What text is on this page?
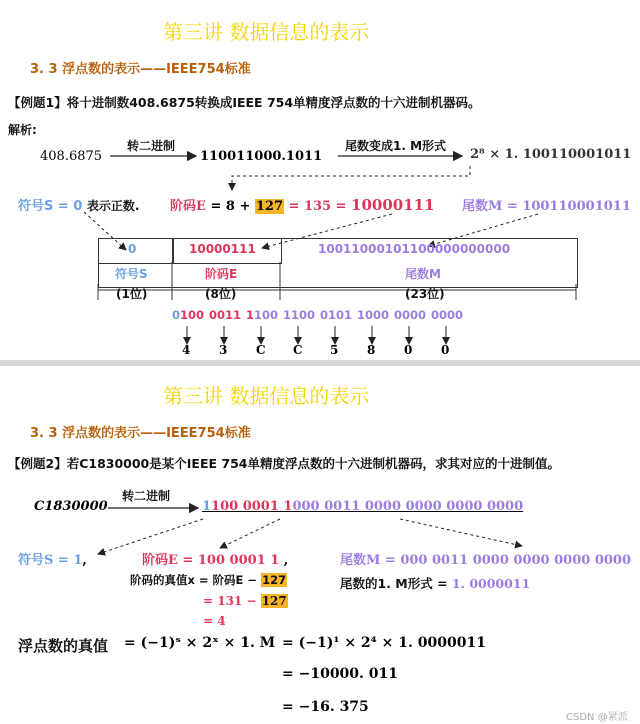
第三讲 数据信息的表示
3. 3 浮点数的表示——IEEE754标准
【例题1】将十进制数408.6875转换成IEEE 754单精度浮点数的十六进制机器码。
解析:
408.6875
转二进制
110011000.1011
尾数变成1. M形式
2⁸ × 1. 100110001011
符号S = 0 表示正数. 阶码E = 8 + 127 = 135 = 10000111 尾数M = 100110001011
0	10000111	10011000101100000000000
符号S	阶码E	尾数M
(1位)	(8位)	(23位)
0100 0011 1100 1100 0101 1000 0000 0000
4 3 C C 5 8 0 0
第三讲 数据信息的表示
3. 3 浮点数的表示——IEEE754标准
【例题2】若C1830000是某个IEEE 754单精度浮点数的十六进制机器码，求其对应的十进制值。
C1830000
转二进制
1100 0001 1000 0011 0000 0000 0000 0000
符号S = 1,	阶码E = 100 0001 1 ,	尾数M = 000 0011 0000 0000 0000 0000
阶码的真值x = 阶码E − 127
= 131 − 127
= 4
尾数的1. M形式 = 1. 0000011
浮点数的真值 = (−1)ˢ × 2ˣ × 1. M = (−1)¹ × 2⁴ × 1. 0000011
= −10000. 011
= −16. 375
CSDN @紧派
